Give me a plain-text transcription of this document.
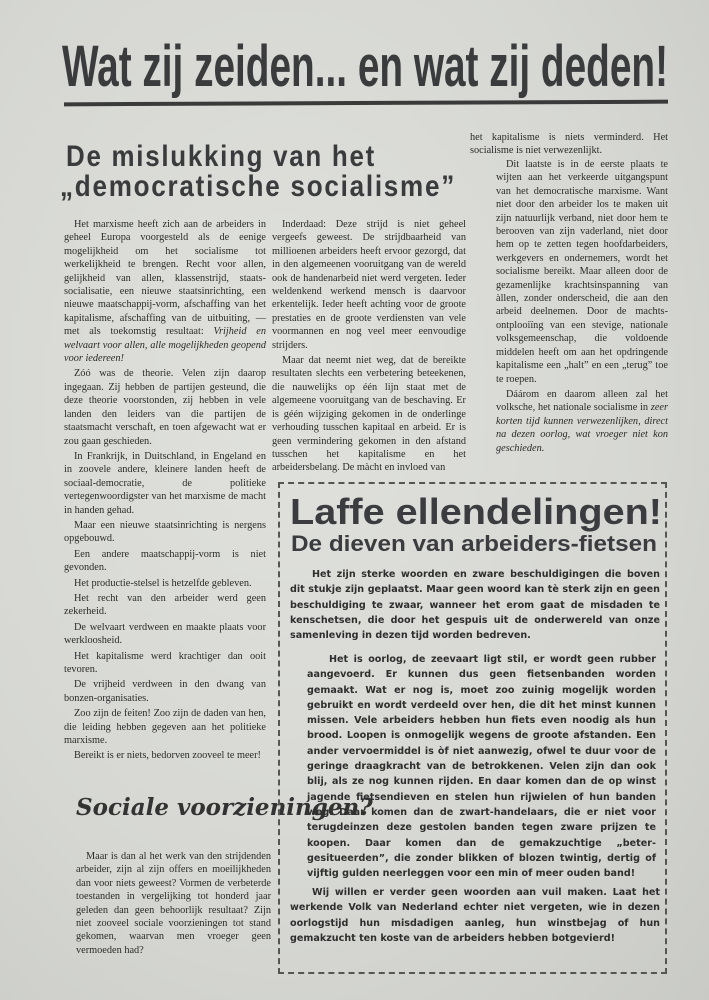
Wat zij zeiden... en wat zij deden!
De mislukking van het
„democratische socialisme”

Het marxisme heeft zich aan de arbeiders in geheel Europa voorgesteld als de eenige mogelijkheid om het socialisme tot werkelijkheid te brengen. Recht voor allen, gelijkheid van allen, klassenstrijd, staats-socialisatie, een nieuwe staatsinrichting, een nieuwe maatschappij-vorm, afschaffing van het kapitalisme, afschaffing van de uitbuiting, — met als toekomstig resultaat: Vrijheid en welvaart voor allen, alle mogelijkheden geopend voor iedereen!

Zóó was de theorie. Velen zijn daarop ingegaan. Zij hebben de partijen gesteund, die deze theorie voorstonden, zij hebben in vele landen den leiders van die partijen de staatsmacht verschaft, en toen afgewacht wat er zou gaan geschieden.

In Frankrijk, in Duitschland, in Engeland en in zoovele andere, kleinere landen heeft de sociaal-democratie, de politieke vertegenwoordigster van het marxisme de macht in handen gehad.

Maar een nieuwe staatsinrichting is nergens opgebouwd.

Een andere maatschappij-vorm is niet gevonden.

Het productie-stelsel is hetzelfde gebleven.

Het recht van den arbeider werd geen zekerheid.

De welvaart verdween en maakte plaats voor werkloosheid.

Het kapitalisme werd krachtiger dan ooit tevoren.

De vrijheid verdween in den dwang van bonzen-organisaties.

Zoo zijn de feiten! Zoo zijn de daden van hen, die leiding hebben gegeven aan het politieke marxisme.

Bereikt is er niets, bedorven zooveel te meer!

Inderdaad: Deze strijd is niet geheel vergeefs geweest. De strijdbaarheid van millioenen arbeiders heeft ervoor gezorgd, dat in den algemeenen vooruitgang van de wereld ook de handenarbeid niet werd vergeten. Ieder weldenkend werkend mensch is daarvoor erkentelijk. Ieder heeft achting voor de groote prestaties en de groote verdiensten van vele voormannen en nog veel meer eenvoudige strijders.

Maar dat neemt niet weg, dat de bereikte resultaten slechts een verbetering beteekenen, die nauwelijks op één lijn staat met de algemeene vooruitgang van de beschaving. Er is géén wijziging gekomen in de onderlinge verhouding tusschen kapitaal en arbeid. Er is geen vermindering gekomen in den afstand tusschen het kapitalisme en het arbeidersbelang. De màcht en invloed van

het kapitalisme is niets verminderd. Het socialisme is niet verwezenlijkt.

Dit laatste is in de eerste plaats te wijten aan het verkeerde uitgangspunt van het democratische marxisme. Want niet door den arbeider los te maken uit zijn natuurlijk verband, niet door hem te berooven van zijn vaderland, niet door hem op te zetten tegen hoofdarbeiders, werkgevers en ondernemers, wordt het socialisme bereikt. Maar alleen door de gezamenlijke krachtsinspanning van àllen, zonder onderscheid, die aan den arbeid deelnemen. Door de machts-ontplooiïng van een stevige, nationale volksgemeenschap, die voldoende middelen heeft om aan het opdringende kapitalisme een „halt” en een „terug” toe te roepen.

Dáárom en daarom alleen zal het volksche, het nationale socialisme in zeer korten tijd kunnen verwezenlijken, direct na dezen oorlog, wat vroeger niet kon geschieden.

Sociale voorzieningen?

Maar is dan al het werk van den strijdenden arbeider, zijn al zijn offers en moeilijkheden dan voor niets geweest? Vormen de verbeterde toestanden in vergelijking tot honderd jaar geleden dan geen behoorlijk resultaat? Zijn niet zooveel sociale voorzieningen tot stand gekomen, waarvan men vroeger geen vermoeden had?

Laffe ellendelingen!
De dieven van arbeiders-fietsen

Het zijn sterke woorden en zware beschuldigingen die boven dit stukje zijn geplaatst. Maar geen woord kan tè sterk zijn en geen beschuldiging te zwaar, wanneer het erom gaat de misdaden te kenschetsen, die door het gespuis uit de onderwereld van onze samenleving in dezen tijd worden bedreven.

Het is oorlog, de zeevaart ligt stil, er wordt geen rubber aangevoerd. Er kunnen dus geen fietsenbanden worden gemaakt. Wat er nog is, moet zoo zuinig mogelijk worden gebruikt en wordt verdeeld over hen, die dit het minst kunnen missen. Vele arbeiders hebben hun fiets even noodig als hun brood. Loopen is onmogelijk wegens de groote afstanden. Een ander vervoermiddel is òf niet aanwezig, ofwel te duur voor de geringe draagkracht van de betrokkenen. Velen zijn dan ook blij, als ze nog kunnen rijden. En daar komen dan de op winst jagende fietsendieven en stelen hun rijwielen of hun banden weg. Daar komen dan de zwart-handelaars, die er niet voor terugdeinzen deze gestolen banden tegen zware prijzen te koopen. Daar komen dan de gemakzuchtige „beter-gesitueerden”, die zonder blikken of blozen twintig, dertig of vijftig gulden neerleggen voor een min of meer ouden band!

Wij willen er verder geen woorden aan vuil maken. Laat het werkende Volk van Nederland echter niet vergeten, wie in dezen oorlogstijd hun misdadigen aanleg, hun winstbejag of hun gemakzucht ten koste van de arbeiders hebben botgevierd!
